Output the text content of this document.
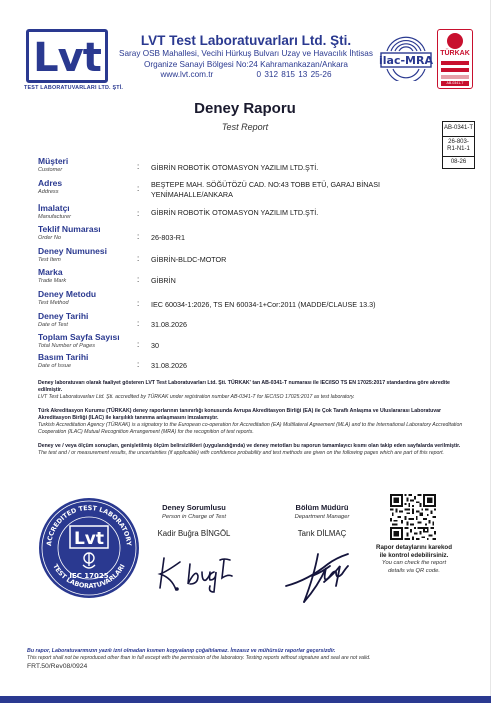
Lvt
TEST LABORATUVARLARI LTD. ŞTİ.
LVT Test Laboratuvarları Ltd. Şti.
Saray OSB Mahallesi, Vecihi Hürkuş Bulvarı Uzay ve Havacılık İhtisas
Organize Sanayi Bölgesi No:24 Kahramankazan/Ankara
www.lvt.com.tr	0 312 815 13 25-26
ilac-MRA
TÜRKAK
AB-0341-T
Deney Raporu
Test Report	AB-0341-T
26-803-R1-N1-1
08-26
Müşteri
Customer	: GİBRİN ROBOTİK OTOMASYON YAZILIM LTD.ŞTİ.
Adres
Address	: BEŞTEPE MAH. SÖĞÜTÖZÜ CAD. NO:43 TOBB ETÜ, GARAJ BİNASI YENİMAHALLE/ANKARA
İmalatçı
Manufacturer	: GİBRİN ROBOTİK OTOMASYON YAZILIM LTD.ŞTİ.
Teklif Numarası
Order No	: 26-803-R1
Deney Numunesi
Test Item	: GİBRİN-BLDC-MOTOR
Marka
Trade Mark	: GİBRİN
Deney Metodu
Test Method	: IEC 60034-1:2026, TS EN 60034-1+Cor:2011 (MADDE/CLAUSE 13.3)
Deney Tarihi
Date of Test	: 31.08.2026
Toplam Sayfa Sayısı
Total Number of Pages	: 30
Basım Tarihi
Date of Issue	: 31.08.2026
Deney laboratuvarı olarak faaliyet gösteren LVT Test Laboratuvarları Ltd. Şti. TÜRKAK' tan AB-0341-T numarası ile IEC/ISO TS EN 17025:2017 standardına göre akredite edilmiştir.
LVT Test Laboratuvarları Ltd. Şti. accredited by TÜRKAK under registration number AB-0341-T for IEC/ISO 17025:2017 as test laboratory.
Türk Akreditasyon Kurumu (TÜRKAK) deney raporlarının tanınırlığı konusunda Avrupa Akreditasyon Birliği (EA) ile Çok Taraflı Anlaşma ve Uluslararası Laboratuvar Akreditasyon Birliği (ILAC) ile karşılıklı tanınma anlaşmasını imzalamıştır.
Turkish Accreditation Agency (TÜRKAK) is a signatory to the European co-operation for Accreditation (EA) Multilateral Agreement (MLA) and to the International Laboratory Accreditation Cooperation (ILAC) Mutual Recognition Arrangement (MRA) for the recognition of test reports.
Deney ve / veya ölçüm sonuçları, genişletilmiş ölçüm belirsizlikleri (uygulandığında) ve deney metotları bu raporun tamamlayıcı kısmı olan takip eden sayfalarda verilmiştir.
The test and / or measurement results, the uncertainties (if applicable) with confidence probability and test methods are given on the following pages which are part of this report.
ACCREDITED TEST LABORATORY
TEST LABORATUVARLARI
Lvt
IEC 17025
Deney Sorumlusu
Person in Charge of Test
Kadir Buğra BİNGÖL
Bölüm Müdürü
Department Manager
Tarık DİLMAÇ
Rapor detaylarını karekod ile kontrol edebilirsiniz.
You can check the report details via QR code.
Bu rapor, Laboratuvarımızın yazılı izni olmadan kısmen kopyalanıp çoğaltılamaz. İmzasız ve mühürsüz raporlar geçersizdir.
This report shall not be reproduced other than in full except with the permission of the laboratory. Testing reports without signature and seal are not valid.
FRT.50/Rev08/0924
